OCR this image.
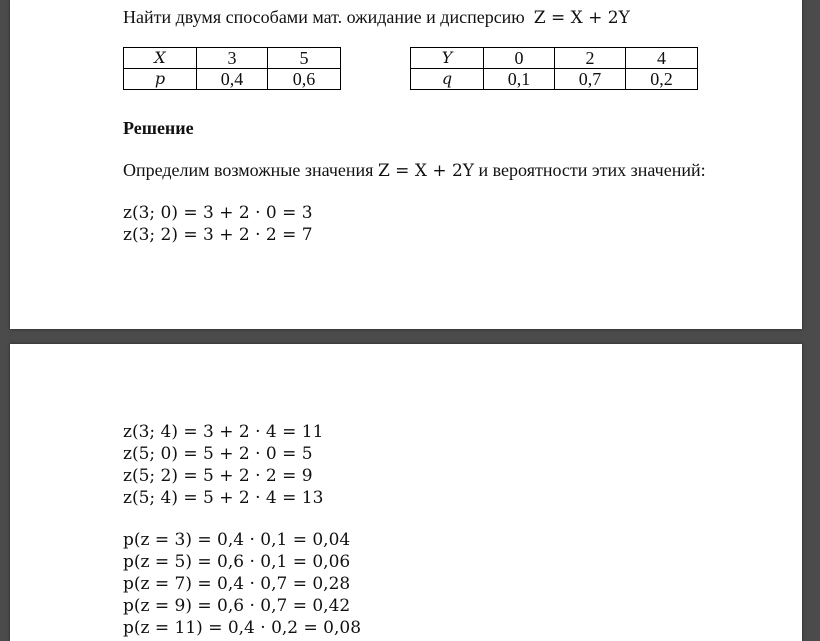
Найти двумя способами мат. ожидание и дисперсию Z = X + 2Y
X	3	5
p	0,4	0,6
Y	0	2	4
q	0,1	0,7	0,2
Решение
Определим возможные значения Z = X + 2Y и вероятности этих значений:
z(3; 0) = 3 + 2 · 0 = 3
z(3; 2) = 3 + 2 · 2 = 7
z(3; 4) = 3 + 2 · 4 = 11
z(5; 0) = 5 + 2 · 0 = 5
z(5; 2) = 5 + 2 · 2 = 9
z(5; 4) = 5 + 2 · 4 = 13
p(z = 3) = 0,4 · 0,1 = 0,04
p(z = 5) = 0,6 · 0,1 = 0,06
p(z = 7) = 0,4 · 0,7 = 0,28
p(z = 9) = 0,6 · 0,7 = 0,42
p(z = 11) = 0,4 · 0,2 = 0,08
